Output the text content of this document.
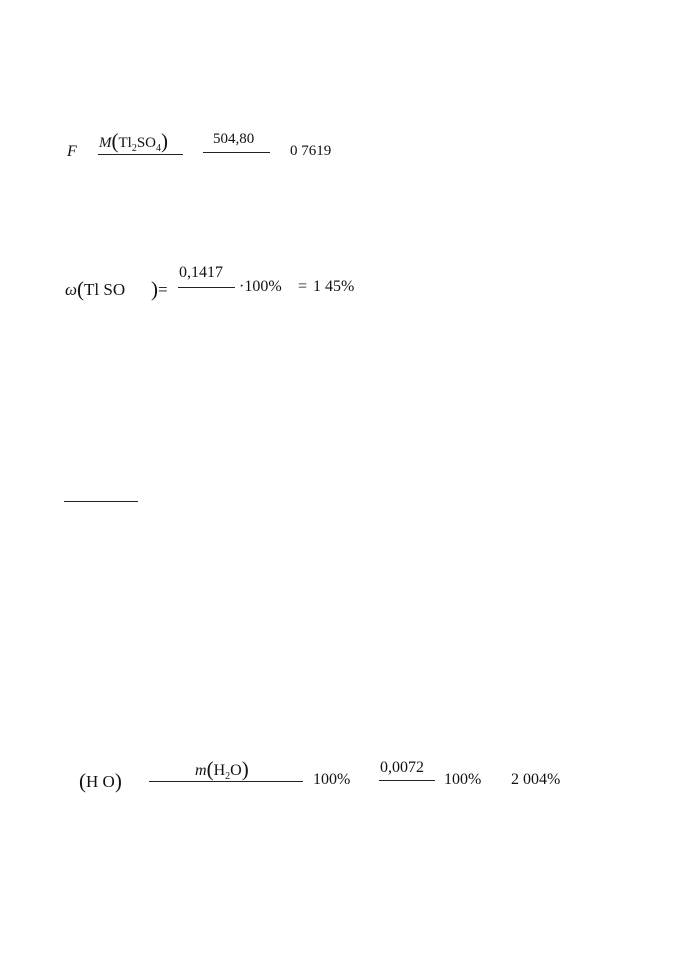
F $M(Tl_2SO_4)$	504,80
0 7619
ω(Tl SO )=
0,1417
·100% = 1 45%
(H O)	$m(H_2O)$	100%
0,0072
100% 2 004%
